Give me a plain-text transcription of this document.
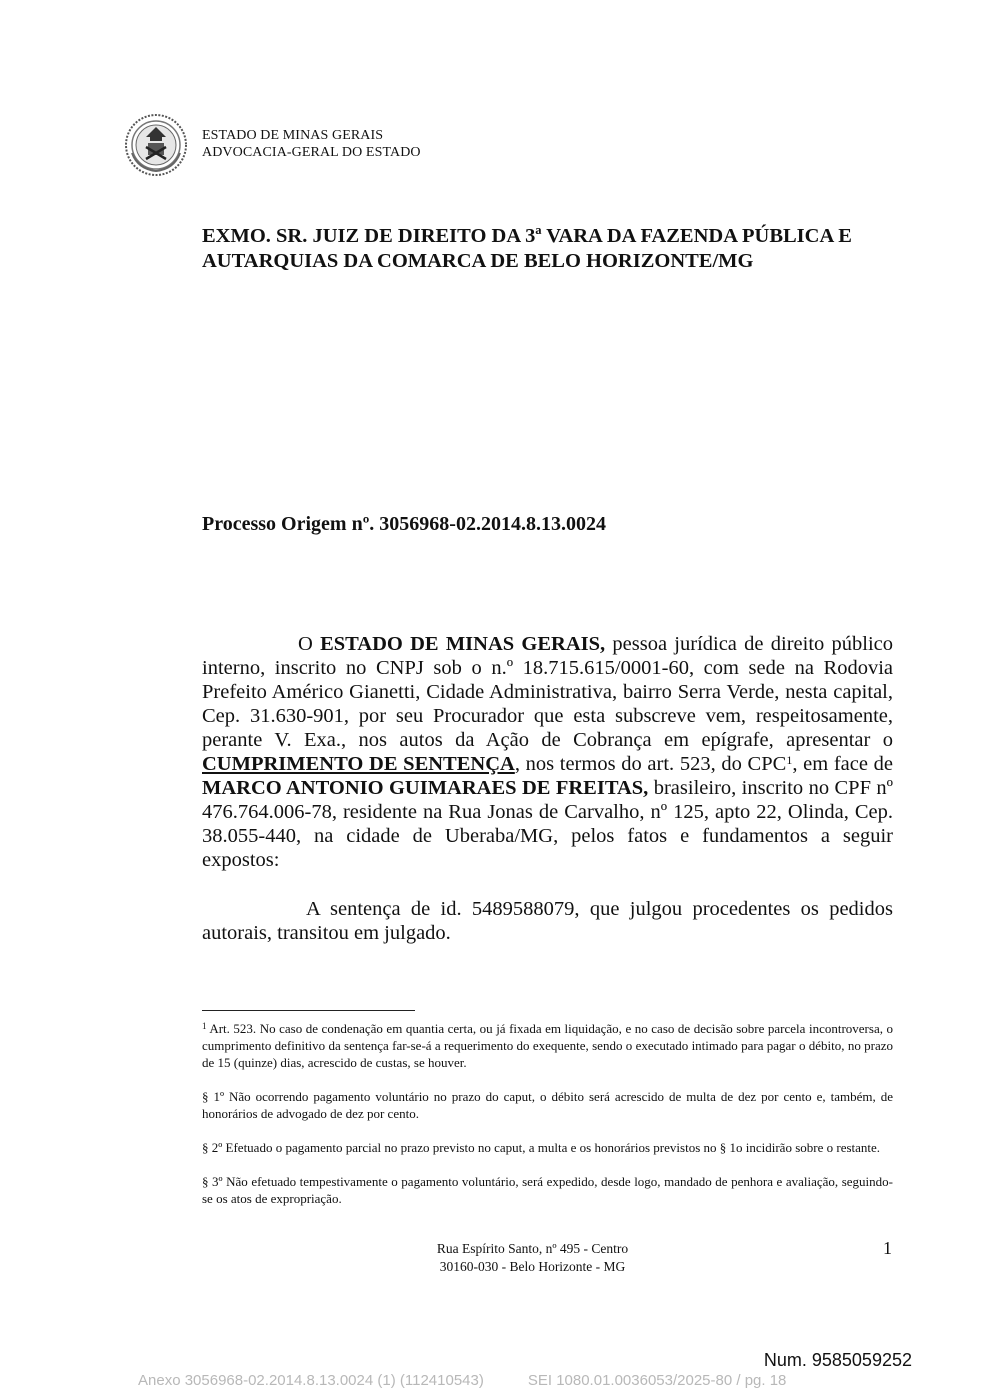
ESTADO DE MINAS GERAIS
ADVOCACIA-GERAL DO ESTADO
EXMO. SR. JUIZ DE DIREITO DA 3ª VARA DA FAZENDA PÚBLICA E
AUTARQUIAS DA COMARCA DE BELO HORIZONTE/MG
Processo Origem nº. 3056968-02.2014.8.13.0024
O ESTADO DE MINAS GERAIS, pessoa jurídica de direito público interno, inscrito no CNPJ sob o n.º 18.715.615/0001-60, com sede na Rodovia Prefeito Américo Gianetti, Cidade Administrativa, bairro Serra Verde, nesta capital, Cep. 31.630-901, por seu Procurador que esta subscreve vem, respeitosamente, perante V. Exa., nos autos da Ação de Cobrança em epígrafe, apresentar o CUMPRIMENTO DE SENTENÇA, nos termos do art. 523, do CPC$^1$, em face de MARCO ANTONIO GUIMARAES DE FREITAS, brasileiro, inscrito no CPF nº 476.764.006-78, residente na Rua Jonas de Carvalho, nº 125, apto 22, Olinda, Cep. 38.055-440, na cidade de Uberaba/MG, pelos fatos e fundamentos a seguir expostos:
A sentença de id. 5489588079, que julgou procedentes os pedidos autorais, transitou em julgado.

$^1$ Art. 523. No caso de condenação em quantia certa, ou já fixada em liquidação, e no caso de decisão sobre parcela incontroversa, o cumprimento definitivo da sentença far-se-á a requerimento do exequente, sendo o executado intimado para pagar o débito, no prazo de 15 (quinze) dias, acrescido de custas, se houver.

§ 1º Não ocorrendo pagamento voluntário no prazo do caput, o débito será acrescido de multa de dez por cento e, também, de honorários de advogado de dez por cento.

§ 2º Efetuado o pagamento parcial no prazo previsto no caput, a multa e os honorários previstos no § 1o incidirão sobre o restante.

§ 3º Não efetuado tempestivamente o pagamento voluntário, será expedido, desde logo, mandado de penhora e avaliação, seguindo-se os atos de expropriação.

Rua Espírito Santo, nº 495 - Centro
30160-030 - Belo Horizonte - MG
1
Num. 9585059252
Anexo 3056968-02.2014.8.13.0024 (1) (112410543)	SEI 1080.01.0036053/2025-80 / pg. 18
